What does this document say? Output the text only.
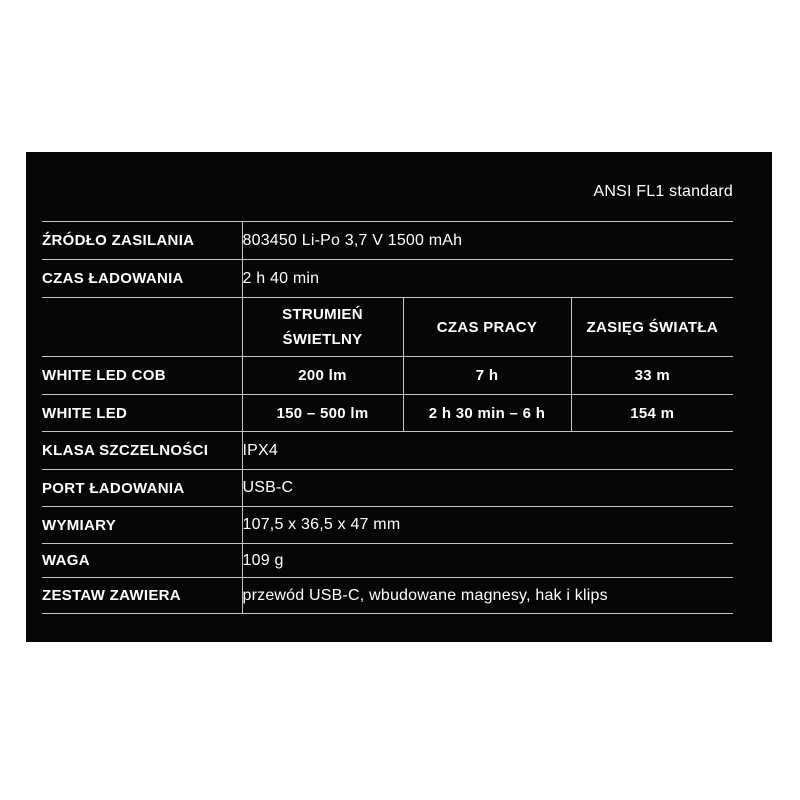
ANSI FL1 standard
ŹRÓDŁO ZASILANIA	803450 Li-Po 3,7 V 1500 mAh		
CZAS ŁADOWANIA	2 h 40 min		
	STRUMIEŃ ŚWIETLNY	CZAS PRACY	ZASIĘG ŚWIATŁA
WHITE LED COB	200 lm	7 h	33 m
WHITE LED	150 – 500 lm	2 h 30 min – 6 h	154 m
KLASA SZCZELNOŚCI	IPX4		
PORT ŁADOWANIA	USB-C		
WYMIARY	107,5 x 36,5 x 47 mm		
WAGA	109 g		
ZESTAW ZAWIERA	przewód USB-C, wbudowane magnesy, hak i klips		
